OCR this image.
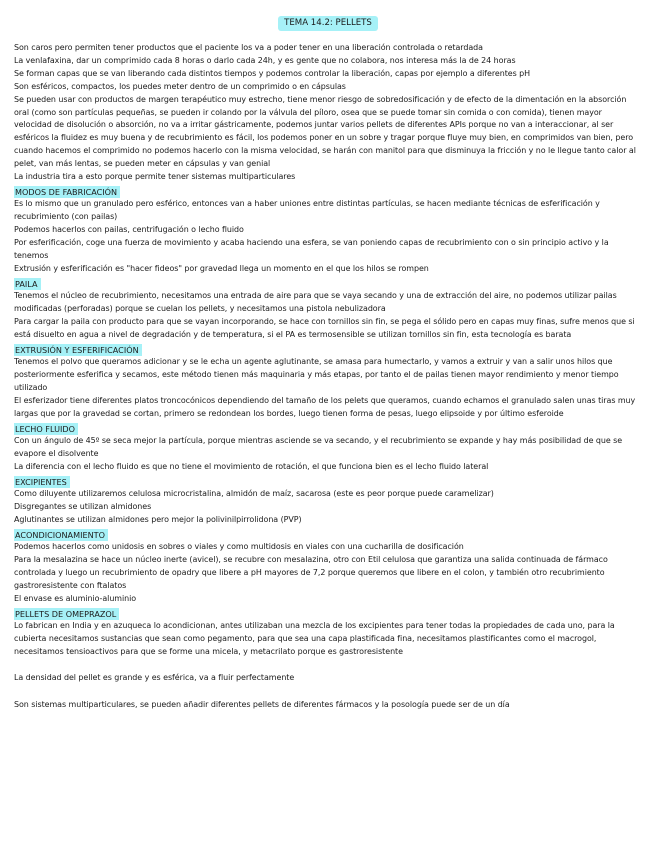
TEMA 14.2: PELLETS

Son caros pero permiten tener productos que el paciente los va a poder tener en una liberación controlada o retardada

La venlafaxina, dar un comprimido cada 8 horas o darlo cada 24h, y es gente que no colabora, nos interesa más la de 24 horas

Se forman capas que se van liberando cada distintos tiempos y podemos controlar la liberación, capas por ejemplo a diferentes pH

Son esféricos, compactos, los puedes meter dentro de un comprimido o en cápsulas

Se pueden usar con productos de margen terapéutico muy estrecho, tiene menor riesgo de sobredosificación y de efecto de la dimentación en la absorción oral (como son partículas pequeñas, se pueden ir colando por la válvula del píloro, osea que se puede tomar sin comida o con comida), tienen mayor velocidad de disolución o absorción, no va a irritar gástricamente, podemos juntar varios pellets de diferentes APIs porque no van a interaccionar, al ser esféricos la fluidez es muy buena y de recubrimiento es fácil, los podemos poner en un sobre y tragar porque fluye muy bien, en comprimidos van bien, pero cuando hacemos el comprimido no podemos hacerlo con la misma velocidad, se harán con manitol para que disminuya la fricción y no le llegue tanto calor al pelet, van más lentas, se pueden meter en cápsulas y van genial

La industria tira a esto porque permite tener sistemas multiparticulares

MODOS DE FABRICACIÓN

Es lo mismo que un granulado pero esférico, entonces van a haber uniones entre distintas partículas, se hacen mediante técnicas de esferificación y recubrimiento (con pailas)

Podemos hacerlos con pailas, centrifugación o lecho fluido

Por esferificación, coge una fuerza de movimiento y acaba haciendo una esfera, se van poniendo capas de recubrimiento con o sin principio activo y la tenemos

Extrusión y esferificación es "hacer fideos" por gravedad llega un momento en el que los hilos se rompen

PAILA

Tenemos el núcleo de recubrimiento, necesitamos una entrada de aire para que se vaya secando y una de extracción del aire, no podemos utilizar pailas modificadas (perforadas) porque se cuelan los pellets, y necesitamos una pistola nebulizadora

Para cargar la paila con producto para que se vayan incorporando, se hace con tornillos sin fin, se pega el sólido pero en capas muy finas, sufre menos que si está disuelto en agua a nivel de degradación y de temperatura, si el PA es termosensible se utilizan tornillos sin fin, esta tecnología es barata

EXTRUSIÓN Y ESFERIFICACIÓN

Tenemos el polvo que queramos adicionar y se le echa un agente aglutinante, se amasa para humectarlo, y vamos a extruir y van a salir unos hilos que posteriormente esferifica y secamos, este método tienen más maquinaria y más etapas, por tanto el de pailas tienen mayor rendimiento y menor tiempo utilizado

El esferizador tiene diferentes platos troncocónicos dependiendo del tamaño de los pelets que queramos, cuando echamos el granulado salen unas tiras muy largas que por la gravedad se cortan, primero se redondean los bordes, luego tienen forma de pesas, luego elipsoide y por último esferoide

LECHO FLUIDO

Con un ángulo de 45º se seca mejor la partícula, porque mientras asciende se va secando, y el recubrimiento se expande y hay más posibilidad de que se evapore el disolvente

La diferencia con el lecho fluido es que no tiene el movimiento de rotación, el que funciona bien es el lecho fluido lateral

EXCIPIENTES

Como diluyente utilizaremos celulosa microcristalina, almidón de maíz, sacarosa (este es peor porque puede caramelizar)

Disgregantes se utilizan almidones

Aglutinantes se utilizan almidones pero mejor la polivinilpirrolidona (PVP)

ACONDICIONAMIENTO

Podemos hacerlos como unidosis en sobres o viales y como multidosis en viales con una cucharilla de dosificación

Para la mesalazina se hace un núcleo inerte (avicel), se recubre con mesalazina, otro con Etil celulosa que garantiza una salida continuada de fármaco controlada y luego un recubrimiento de opadry que libere a pH mayores de 7,2 porque queremos que libere en el colon, y también otro recubrimiento gastroresistente con ftalatos

El envase es aluminio-aluminio

PELLETS DE OMEPRAZOL

Lo fabrican en India y en azuqueca lo acondicionan, antes utilizaban una mezcla de los excipientes para tener todas la propiedades de cada uno, para la cubierta necesitamos sustancias que sean como pegamento, para que sea una capa plastificada fina, necesitamos plastificantes como el macrogol, necesitamos tensioactivos para que se forme una micela, y metacrilato porque es gastroresistente

La densidad del pellet es grande y es esférica, va a fluir perfectamente

Son sistemas multiparticulares, se pueden añadir diferentes pellets de diferentes fármacos y la posología puede ser de un día
